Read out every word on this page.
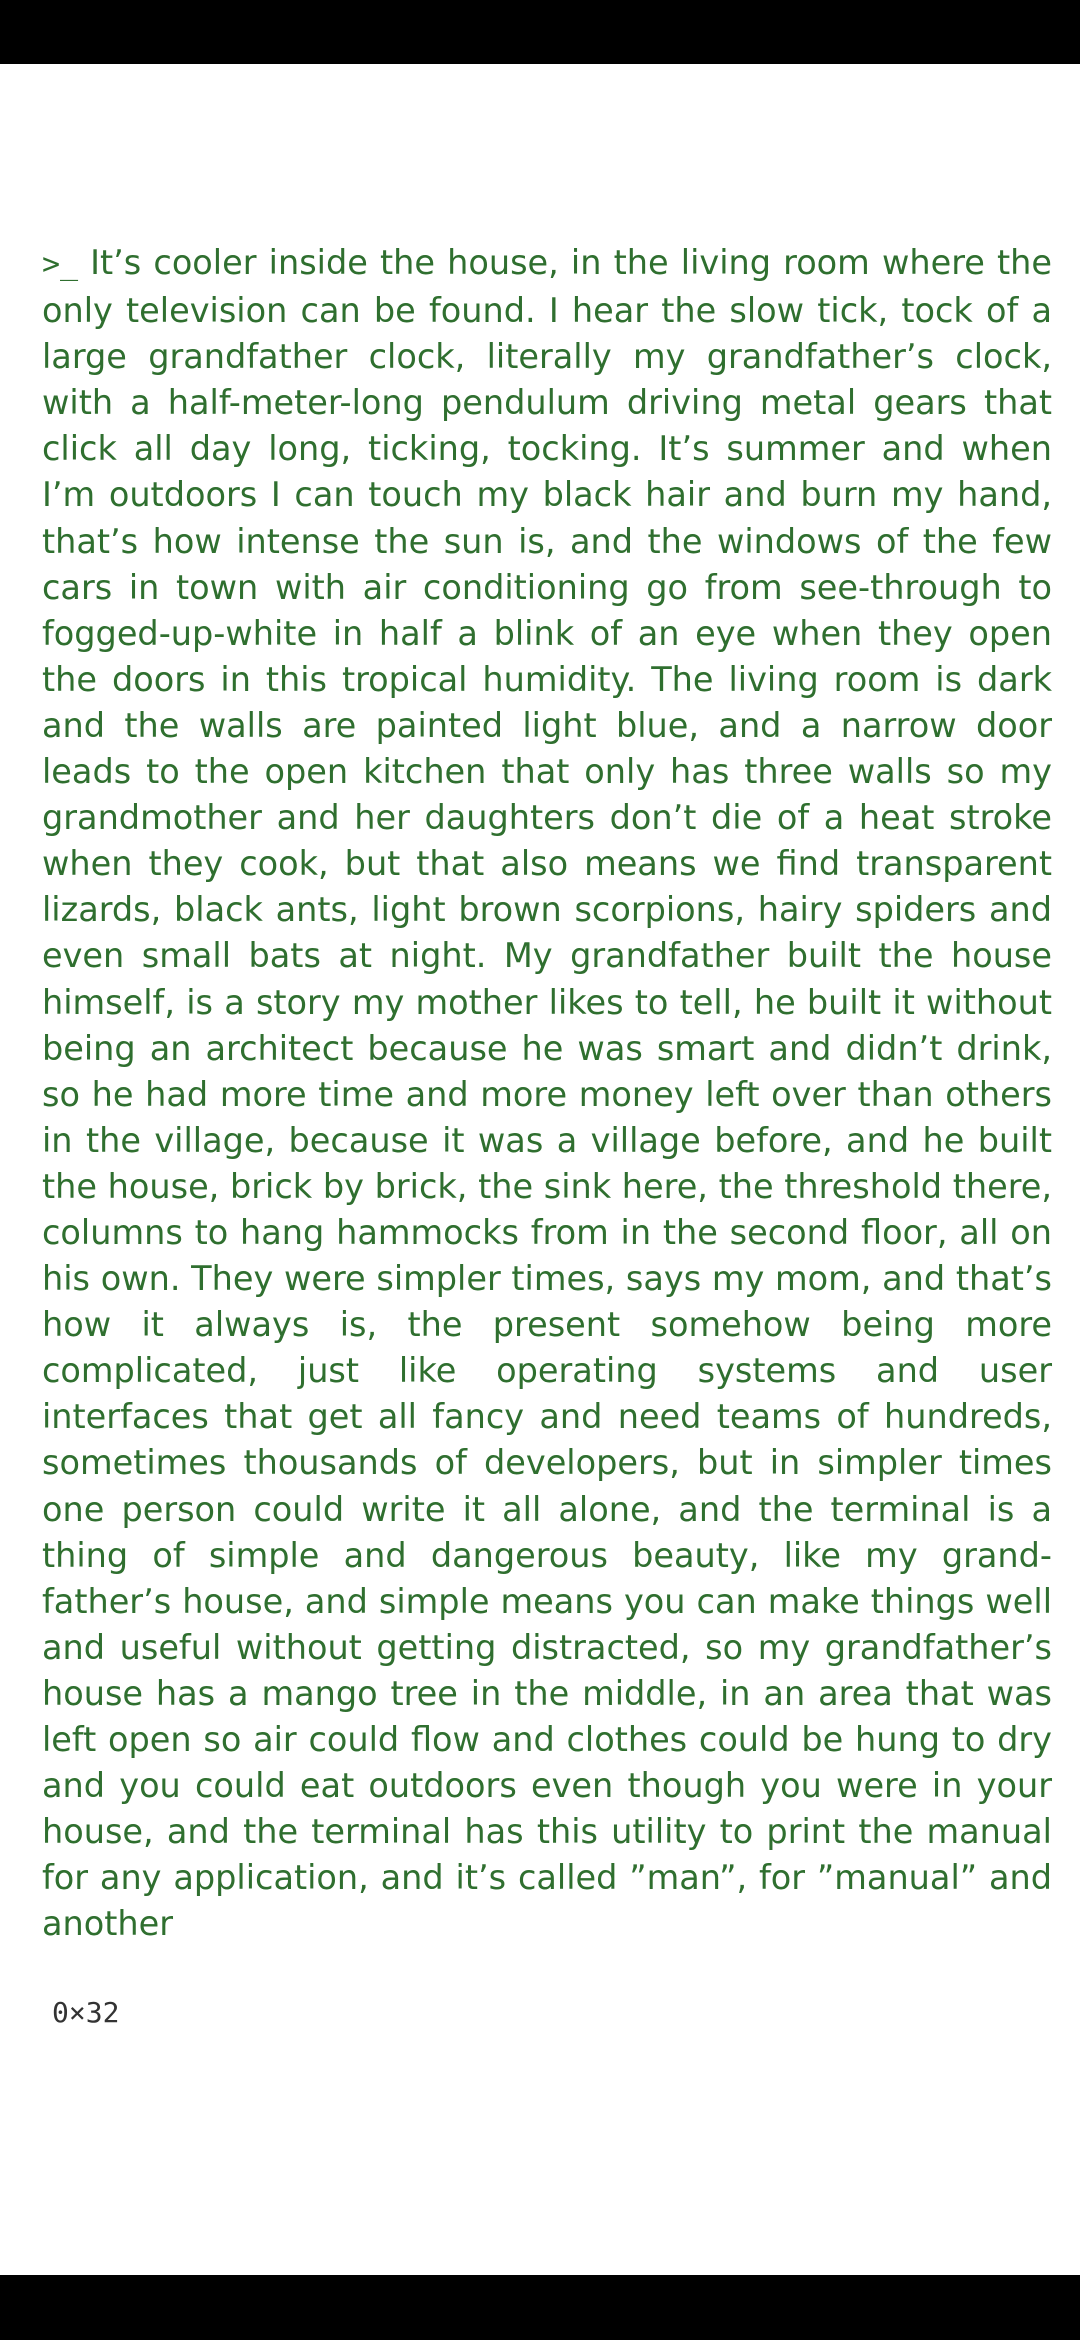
>_ It’s cooler inside the house, in the living room where the only television can be found. I hear the slow tick, tock of a large grandfather clock, literally my grandfather’s clock, with a half-meter-long pendulum driving metal gears that click all day long, ticking, tocking. It’s summer and when I’m outdoors I can touch my black hair and burn my hand, that’s how intense the sun is, and the windows of the few cars in town with air conditioning go from see-through to fogged-up-white in half a blink of an eye when they open the doors in this tropical humidity. The living room is dark and the walls are painted light blue, and a narrow door leads to the open kitchen that only has three walls so my grandmother and her daughters don’t die of a heat stroke when they cook, but that also means we find transparent lizards, black ants, light brown scorpions, hairy spiders and even small bats at night. My grandfather built the house himself, is a story my mother likes to tell, he built it without being an architect because he was smart and didn’t drink, so he had more time and more money left over than others in the village, because it was a village before, and he built the house, brick by brick, the sink here, the threshold there, columns to hang hammocks from in the second floor, all on his own. They were simpler times, says my mom, and that’s how it always is, the present somehow being more complicated, just like operating systems and user interfaces that get all fancy and need teams of hundreds, sometimes thousands of developers, but in simpler times one person could write it all alone, and the terminal is a thing of simple and dangerous beauty, like my grandfather’s house, and simple means you can make things well and useful without getting distracted, so my grandfather’s house has a mango tree in the middle, in an area that was left open so air could flow and clothes could be hung to dry and you could eat outdoors even though you were in your house, and the terminal has this utility to print the manual for any application, and it’s called ”man”, for ”manual” and another

0×32
